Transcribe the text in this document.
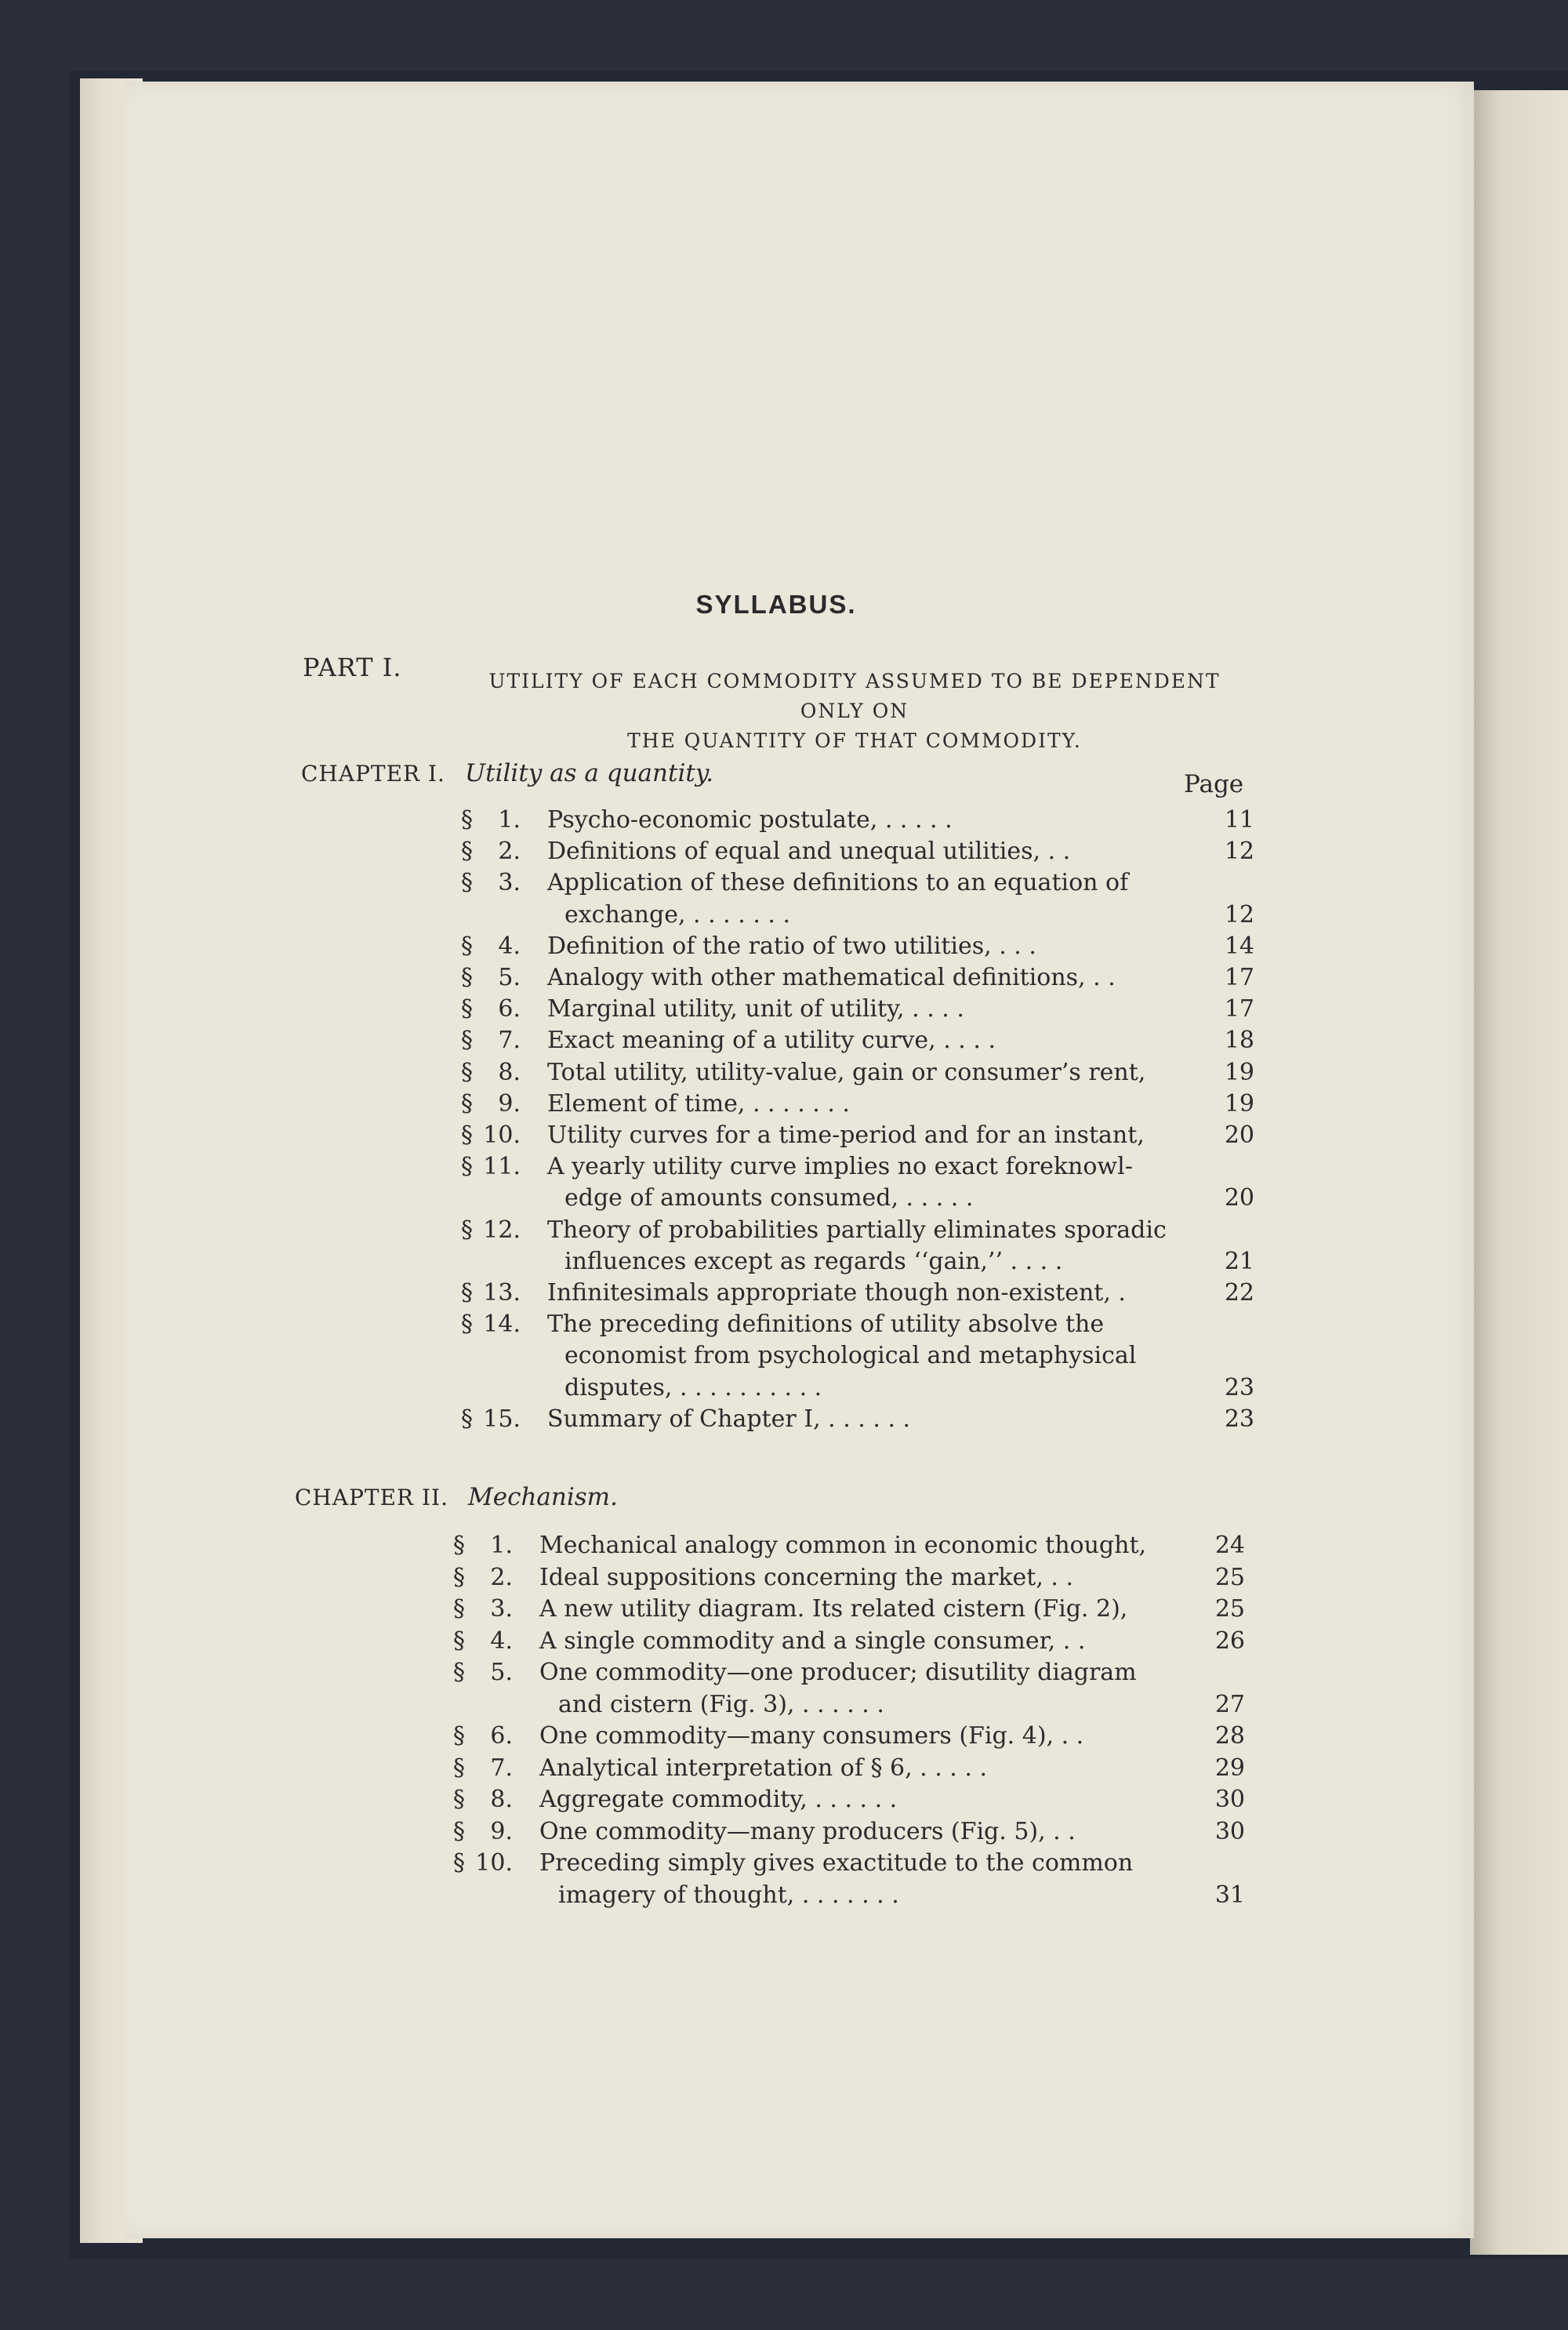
SYLLABUS.
PART I.	UTILITY OF EACH COMMODITY ASSUMED TO BE DEPENDENT ONLY ON
THE QUANTITY OF THAT COMMODITY.
CHAPTER I. Utility as a quantity.	Page
§	1. Psycho-economic postulate, . . . . .	11
§	2. Definitions of equal and unequal utilities, . .	12
§	3. Application of these definitions to an equation of
exchange, . . . . . . .	12
§	4. Definition of the ratio of two utilities, . . .	14
§	5. Analogy with other mathematical definitions, . .	17
§	6. Marginal utility, unit of utility, . . . .	17
§	7. Exact meaning of a utility curve, . . . .	18
§	8. Total utility, utility-value, gain or consumer’s rent,	19
§	9. Element of time, . . . . . . .	19
§ 10. Utility curves for a time-period and for an instant,	20
§ 11. A yearly utility curve implies no exact foreknowl-
edge of amounts consumed, . . . . .	20
§ 12. Theory of probabilities partially eliminates sporadic
influences except as regards ‘‘gain,’’ . . . .	21
§ 13. Infinitesimals appropriate though non-existent, .	22
§ 14. The preceding definitions of utility absolve the
economist from psychological and metaphysical
disputes, . . . . . . . . . .	23
§ 15. Summary of Chapter I, . . . . . .	23
CHAPTER II. Mechanism.
§	1. Mechanical analogy common in economic thought,	24
§	2. Ideal suppositions concerning the market, . .	25
§	3. A new utility diagram. Its related cistern (Fig. 2),	25
§	4. A single commodity and a single consumer, . .	26
§	5. One commodity—one producer; disutility diagram
and cistern (Fig. 3), . . . . . .	27
§	6. One commodity—many consumers (Fig. 4), . .	28
§	7. Analytical interpretation of § 6, . . . . .	29
§	8. Aggregate commodity, . . . . . .	30
§	9. One commodity—many producers (Fig. 5), . .	30
§ 10. Preceding simply gives exactitude to the common
imagery of thought, . . . . . . .	31
